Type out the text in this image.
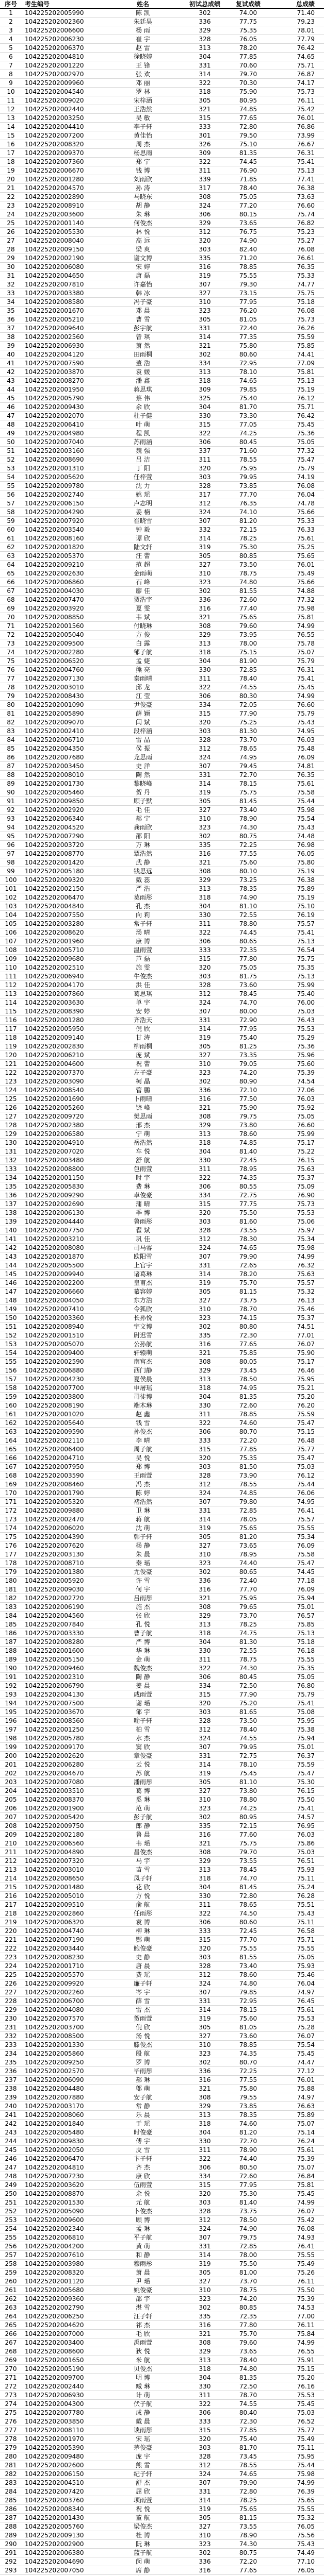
序号	考生编号	姓名	初试总成绩	复试成绩	总成绩
1	104225202005990	陈 凯	302	74.00	71.40
2	104225202002360	朱廷昊	336	77.75	79.23
3	104225202006600	杨 雨	329	75.35	78.01
4	104225202006230	崔 宇	328	76.05	77.79
5	104225202006370	赵 雷	313	78.20	76.42
6	104225202004810	徐晓婷	304	77.85	74.65
7	104225202001220	王 锋	331	70.60	75.71
8	104225202002970	张 欢	314	79.70	76.87
9	104225202009960	邓 丽	322	70.30	74.17
10	104225202004540	罗 林	318	75.90	75.73
11	104225202009020	宋梓涵	305	80.95	76.11
12	104225202002440	王浩然	321	74.85	75.42
13	104225202003250	吴 敏	315	77.65	76.01
14	104225202004410	李子轩	333	72.80	76.86
15	104225202007200	黄佳怡	301	79.50	73.99
16	104225202008320	周 杰	326	75.10	76.67
17	104225202009370	杨思雨	309	81.35	76.31
18	104225202007360	郑 宁	322	74.45	75.41
19	104225202006670	钱 博	311	76.90	75.13
20	104225202001280	刘雨欣	339	71.85	77.41
21	104225202004570	孙 涛	317	78.40	76.38
22	104225202002890	马晓东	308	75.05	73.63
23	104225202008910	胡 静	324	77.20	76.60
24	104225202003600	朱 琳	306	80.15	75.74
25	104225202001140	何俊杰	329	73.65	76.82
26	104225202005530	林 悦	312	76.75	75.23
27	104225202008040	高 远	320	74.90	75.27
28	104225202009150	梁 爽	303	82.40	76.08
29	104225202002190	谢文博	335	71.20	76.61
30	104225202006080	宋 婷	316	78.85	76.35
31	104225202004650	唐 磊	319	75.55	75.33
32	104225202007810	许嘉怡	307	79.30	74.77
33	104225202003380	韩 冰	327	73.15	75.75
34	104225202008580	冯子豪	310	77.95	75.18
35	104225202001670	邓 晨	323	76.20	76.08
36	104225202005210	曹 雪	305	81.05	75.73
37	104225202009640	彭宇航	331	72.40	76.26
38	104225202002560	曾 琪	314	77.35	75.59
39	104225202006930	萧 然	321	75.80	75.85
40	104225202004120	田雨桐	302	80.60	74.41
41	104225202007590	董 浩	334	72.95	77.09
42	104225202003870	袁 媛	313	78.10	75.81
43	104225202008270	潘 鑫	318	74.65	75.13
44	104225202001950	蒋思琪	309	79.85	75.19
45	104225202005790	蔡 伟	325	75.40	76.12
46	104225202009430	余 欣	304	81.70	75.71
47	104225202002070	杜子健	330	73.30	76.42
48	104225202006410	叶 萌	315	77.05	75.45
49	104225202004980	程 凯	322	74.25	75.36
50	104225202007040	苏雨涵	306	80.45	75.05
51	104225202003160	魏 强	337	71.60	77.32
52	104225202008690	吕 洁	311	78.55	75.47
53	104225202001310	丁 阳	320	75.95	75.79
54	104225202005620	任梓萱	303	79.95	74.19
55	104225202009780	沈 力	328	73.85	76.08
56	104225202002740	姚 瑶	317	77.70	76.04
57	104225202006150	卢志明	312	76.35	74.78
58	104225202004290	姜 楠	324	74.10	75.66
59	104225202007920	崔晓雪	307	81.20	75.33
60	104225202003540	钟 毅	332	72.15	76.33
61	104225202008160	谭 欣	314	78.25	75.61
62	104225202001820	陆文轩	319	75.30	75.25
63	104225202005370	汪 蕾	305	80.85	75.65
64	104225202009210	范 超	327	73.50	76.01
65	104225202002630	金雨萌	310	78.75	75.49
66	104225202006860	石 峰	323	74.80	75.66
67	104225202004030	廖 佳	302	81.55	74.88
68	104225202007470	贾浩宇	336	72.60	77.32
69	104225202003920	夏 雯	316	77.40	75.98
70	104225202008850	韦 斌	321	75.65	75.81
71	104225202001560	付晓琳	308	79.60	74.99
72	104225202005040	方 俊	329	73.95	76.55
73	104225202009500	白 露	313	78.00	75.78
74	104225202002280	邹子航	318	75.15	75.07
75	104225202006520	孟 婕	304	81.90	75.79
76	104225202004760	熊 亮	330	72.85	76.31
77	104225202007130	秦雨晴	311	78.40	75.41
78	104225202003010	邱 龙	322	74.55	75.45
79	104225202008430	江 莹	306	80.30	74.99
80	104225202001090	尹俊豪	334	72.05	76.60
81	104225202005890	薛 颖	315	77.90	75.79
82	104225202009070	闫 斌	320	75.25	75.43
83	104225202002410	段梓涵	303	81.30	74.95
84	104225202006710	雷 晶	328	73.70	76.03
85	104225202004350	侯 振	312	78.65	75.48
86	104225202007680	龙思雨	324	74.95	76.09
87	104225202003450	史 洋	307	79.45	74.81
88	104225202008010	陶 然	331	72.70	76.35
89	104225202001730	黎晓峰	314	78.15	75.61
90	104225202005460	贺 丹	319	75.75	75.58
91	104225202009850	顾子默	305	81.45	75.44
92	104225202002920	毛 佳	327	73.40	75.98
93	104225202006340	郝 宁	310	78.90	75.54
94	104225202004520	龚雨欣	323	74.30	75.43
95	104225202007290	邵 阳	302	80.75	74.48
96	104225202003720	万 琳	335	72.25	76.98
97	104225202008770	覃浩然	316	77.55	76.05
98	104225202001420	武 静	321	75.60	75.80
99	104225202005180	钱思远	308	80.10	75.19
100	104225202009320	戴 蕊	329	73.25	76.38
101	104225202002150	严 浩	313	78.35	75.89
102	104225202006470	莫雨彤	318	74.90	75.19
103	104225202004840	孔 杰	304	81.10	75.10
104	104225202007550	向 莉	330	72.55	76.19
105	104225202003280	常子轩	311	78.80	75.57
106	104225202008620	汤 晴	322	74.45	75.41
107	104225202001960	康 博	306	80.65	75.13
108	104225202005710	温雨萱	333	72.35	76.54
109	104225202009680	芦 磊	315	77.80	75.75
110	104225202002510	施 雯	320	75.05	75.35
111	104225202006940	牛俊杰	303	81.75	75.13
112	104225202004170	洪 佳	328	73.60	75.99
113	104225202007860	葛思琪	312	78.45	75.40
114	104225202003630	单 宇	324	74.70	76.00
115	104225202008390	安 婷	307	80.00	75.03
116	104225202001280	齐浩天	331	72.90	76.43
117	104225202005950	倪 欣	314	77.95	75.53
118	104225202009140	甘 涛	319	75.40	75.29
119	104225202002830	柳雨桐	305	81.25	75.36
120	104225202006210	庞 斌	327	73.35	75.96
121	104225202004600	祝 蕾	310	79.05	75.60
122	104225202007370	左子豪	323	74.20	75.39
123	104225202003090	柯 晶	302	80.90	74.54
124	104225202008540	管 鹏	336	72.10	77.06
125	104225202001690	卜雨晴	316	77.50	76.03
126	104225202005260	饶 峰	321	75.90	75.92
127	104225202009720	樊思雨	308	79.75	75.05
128	104225202002380	邢 杰	329	73.80	76.60
129	104225202006580	宁 萌	313	78.60	75.99
130	104225202004910	岳浩然	318	74.85	75.17
131	104225202007020	车 悦	304	81.40	75.22
132	104225202003480	舒 航	330	72.45	76.15
133	104225202008800	包雨萱	311	78.95	75.63
134	104225202001150	时 宇	322	74.35	75.37
135	104225202005830	费 琳	306	80.55	75.09
136	104225202009290	卓俊豪	334	72.75	76.90
137	104225202002690	蒲 晴	315	77.75	75.73
138	104225202006130	季 博	320	75.50	75.53
139	104225202004440	鲁雨彤	303	81.60	75.06
140	104225202007750	翟 斌	328	73.55	75.97
141	104225202003210	巩 佳	312	78.30	75.34
142	104225202008080	司马睿	324	74.65	75.98
143	104225202001870	欧阳雪	307	79.90	74.99
144	104225202005500	上官宇	331	72.65	76.32
145	104225202009940	诸葛琳	314	78.20	75.63
146	104225202002200	皇甫杰	319	75.70	75.57
147	104225202006660	慕容婷	305	81.15	75.32
148	104225202004050	东方浩	327	73.75	76.13
149	104225202007410	令狐欣	310	78.70	75.46
150	104225202003360	长孙悦	323	74.15	75.37
151	104225202008940	宇文博	302	80.80	74.51
152	104225202001510	尉迟雪	335	72.30	77.01
153	104225202005070	公孙航	316	77.65	76.07
154	104225202009400	轩辕萌	321	75.85	75.90
155	104225202002590	南宫杰	308	80.05	75.17
156	104225202006880	西门静	329	73.45	76.46
157	104225202004230	夏侯晨	313	78.50	75.95
158	104225202007700	申屠瑶	318	74.95	75.21
159	104225202003800	司徒博	304	81.35	75.20
160	104225202008190	端木琳	330	72.60	76.20
161	104225202001020	赵 鑫	311	78.85	75.59
162	104225202005640	钱 雪	322	74.60	75.47
163	104225202009590	孙俊杰	306	80.70	75.15
164	104225202002110	李 晴	333	72.20	76.48
165	104225202006400	周子航	315	77.85	75.77
166	104225202004710	吴 悦	320	75.35	75.47
167	104225202007950	郑 博	303	81.50	75.03
168	104225202003590	王雨萱	328	73.90	76.12
169	104225202008460	冯 杰	312	78.55	75.44
170	104225202001790	陈 婷	324	74.85	76.06
171	104225202005320	褚浩然	307	79.80	74.95
172	104225202009880	卫 琳	331	72.85	76.41
173	104225202002470	蒋 航	314	78.05	75.57
174	104225202006020	沈 萌	319	75.65	75.55
175	104225202004390	韩子轩	305	81.20	75.34
176	104225202007620	杨 静	327	73.65	76.09
177	104225202003130	朱 晨	310	78.95	75.58
178	104225202008710	秦 瑶	323	74.40	75.47
179	104225202001380	尤俊豪	302	80.65	74.45
180	104225202005920	许 雪	336	72.40	77.18
181	104225202009030	何 宇	316	77.70	76.09
182	104225202002720	吕雨彤	321	75.95	75.94
183	104225202006190	施 杰	308	79.65	75.01
184	104225202004560	张 欣	329	73.70	76.57
185	104225202007840	孔 悦	313	78.25	75.85
186	104225202003330	曹子航	318	74.75	75.13
187	104225202008280	严 博	304	81.30	75.18
188	104225202001600	华 琳	330	72.55	76.18
189	104225202005150	金 萌	311	78.75	75.55
190	104225202009460	魏俊杰	322	74.30	75.35
191	104225202002310	陶 静	306	80.45	75.05
192	104225202006790	姜 晨	334	72.50	76.80
193	104225202004130	戚雨萱	315	77.90	75.79
194	104225202007500	谢 瑶	320	75.20	75.41
195	104225202003670	邹 宇	303	81.65	75.08
196	104225202008560	喻子轩	328	73.50	75.95
197	104225202001250	柏 雪	312	78.40	75.38
198	104225202005780	水 杰	324	74.55	75.94
199	104225202009170	窦 欣	307	79.95	75.01
200	104225202002620	章俊豪	331	72.75	76.37
201	104225202006280	云 悦	314	78.10	75.59
202	104225202004670	苏 航	319	75.45	75.47
203	104225202007080	潘雨彤	305	81.10	75.30
204	104225202003510	葛 博	327	73.80	76.15
205	104225202008370	奚 琳	310	78.80	75.50
206	104225202001900	范 萌	323	74.25	75.41
207	104225202005420	彭子航	302	80.95	74.57
208	104225202009750	郎 静	335	72.15	76.95
209	104225202002180	鲁 晨	316	77.60	76.03
210	104225202006560	韦 瑶	321	75.75	75.86
211	104225202004890	昌俊杰	308	79.70	75.03
212	104225202007320	马 宇	329	73.55	76.51
213	104225202003010	苗 雪	313	78.45	75.93
214	104225202008650	凤子轩	318	74.70	75.11
215	104225202001480	花 欣	304	81.45	75.24
216	104225202005010	方 悦	330	72.80	76.28
217	104225202009510	俞 航	311	78.65	75.51
218	104225202002860	任雨彤	322	74.50	75.43
219	104225202006320	袁 博	306	80.60	75.11
220	104225202004740	柳 琳	333	72.45	76.58
221	104225202007190	酆 萌	315	77.70	75.71
222	104225202003440	鲍俊豪	320	75.55	75.55
223	104225202008230	史 静	303	81.55	75.05
224	104225202001710	唐 晨	328	73.40	75.93
225	104225202005570	费 瑶	312	78.60	75.46
226	104225202009920	廉子轩	324	74.80	76.04
227	104225202002260	岑 宇	307	79.85	74.97
228	104225202006700	薛 雪	331	72.95	76.45
229	104225202004080	雷 杰	314	78.15	75.61
230	104225202007570	贺雨萱	319	75.60	75.53
231	104225202003700	倪 欣	305	81.05	75.28
232	104225202008500	汤 悦	327	73.60	76.07
233	104225202001330	滕俊杰	310	78.85	75.54
234	104225202005860	殷 航	323	74.35	75.45
235	104225202009250	罗 博	302	80.70	74.47
236	104225202002570	毕雨彤	336	72.25	77.12
237	104225202006090	郝 琳	316	77.55	76.01
238	104225202004480	邬 萌	321	75.80	75.88
239	104225202007880	安子航	308	79.55	74.97
240	104225202003170	常 静	329	73.85	76.63
241	104225202008060	乐 晨	313	78.35	75.89
242	104225202001840	于 瑶	318	74.60	75.07
243	104225202005480	时俊豪	304	81.20	75.14
244	104225202009830	傅 宇	330	72.70	76.24
245	104225202002050	皮 雪	311	78.90	75.61
246	104225202006470	卞子轩	322	74.40	75.39
247	104225202004810	齐 杰	306	80.50	75.07
248	104225202007230	康 欣	334	72.60	76.84
249	104225202003620	伍雨萱	315	77.95	75.81
250	104225202008870	余 悦	320	75.30	75.45
251	104225202001530	元 航	303	81.40	74.99
252	104225202005090	卜俊杰	328	73.75	76.07
253	104225202009600	顾 博	312	78.50	75.42
254	104225202002340	孟 琳	324	74.90	76.08
255	104225202006810	平子航	307	79.75	74.93
256	104225202004200	黄 萌	331	72.85	76.41
257	104225202007610	和 静	314	78.00	75.55
258	104225202003980	穆雨彤	319	75.50	75.49
259	104225202008320	萧 晨	305	81.00	75.26
260	104225202001120	尹 瑶	327	73.70	76.11
261	104225202005680	姚俊豪	310	78.75	75.50
262	104225202009360	邵 宇	323	74.20	75.39
263	104225202002790	湛 雪	302	80.85	74.53
264	104225202006250	汪子轩	335	72.35	77.00
265	104225202004620	祁 杰	316	77.80	76.11
266	104225202007000	毛 欣	321	75.70	75.84
267	104225202003400	禹雨萱	308	79.60	74.99
268	104225202008600	狄 悦	329	73.65	76.55
269	104225202001650	米 航	313	78.40	75.91
270	104225202005190	贝俊杰	318	74.80	75.15
271	104225202009700	明 博	304	81.35	75.20
272	104225202002440	臧 琳	330	72.50	76.16
273	104225202006930	计 萌	311	78.70	75.53
274	104225202004300	伏子航	322	74.55	75.45
275	104225202007780	成 静	306	80.40	75.03
276	104225202003850	戴 晨	333	72.30	76.52
277	104225202008110	谈雨彤	315	77.85	75.77
278	104225202001970	宋 瑶	320	75.40	75.49
279	104225202005390	茅俊豪	303	81.70	75.11
280	104225202009480	庞 宇	328	73.45	75.95
281	104225202002600	熊 雪	312	78.55	75.44
282	104225202006150	纪子轩	324	74.65	75.98
283	104225202004510	舒 杰	307	79.90	74.99
284	104225202007420	屈 欣	331	72.80	76.39
285	104225202003760	项雨萱	314	78.25	75.65
286	104225202008340	祝 悦	319	75.65	75.55
287	104225202001430	董 航	305	81.15	75.32
288	104225202005760	梁俊杰	327	73.55	76.05
289	104225202009130	杜 博	310	78.90	75.56
290	104225202002900	阮 琳	323	74.30	75.43
291	104225202006380	蓝子航	302	80.75	74.49
292	104225202004690	闵 萌	336	72.20	77.10
293	104225202007050	席 静	316	77.65	76.05
